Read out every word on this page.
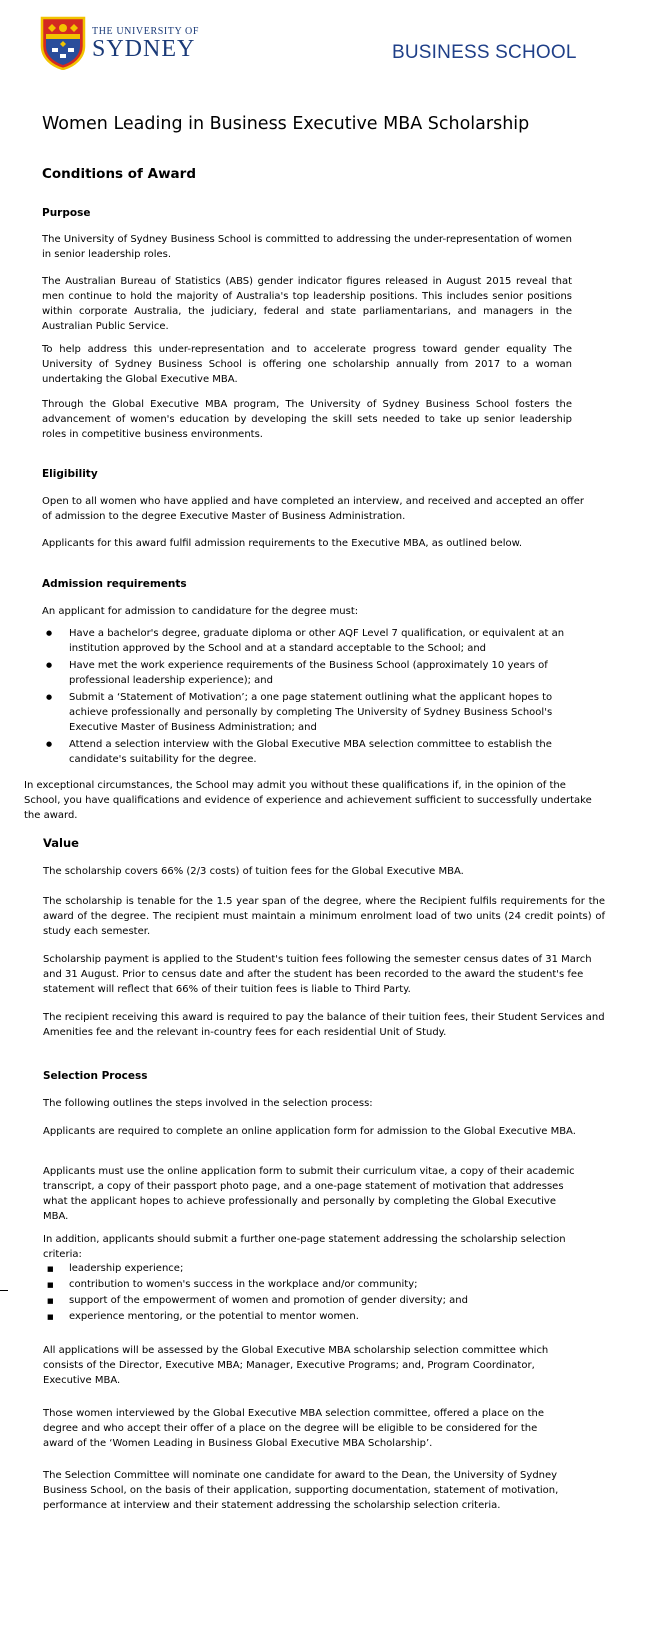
THE UNIVERSITY OF
SYDNEY	BUSINESS SCHOOL
Women Leading in Business Executive MBA Scholarship
Conditions of Award
Purpose

The University of Sydney Business School is committed to addressing the under-representation of women in senior leadership roles.

The Australian Bureau of Statistics (ABS) gender indicator figures released in August 2015 reveal that men continue to hold the majority of Australia's top leadership positions. This includes senior positions within corporate Australia, the judiciary, federal and state parliamentarians, and managers in the Australian Public Service.

To help address this under-representation and to accelerate progress toward gender equality The University of Sydney Business School is offering one scholarship annually from 2017 to a woman undertaking the Global Executive MBA.

Through the Global Executive MBA program, The University of Sydney Business School fosters the advancement of women's education by developing the skill sets needed to take up senior leadership roles in competitive business environments.

Eligibility

Open to all women who have applied and have completed an interview, and received and accepted an offer of admission to the degree Executive Master of Business Administration.

Applicants for this award fulfil admission requirements to the Executive MBA, as outlined below.

Admission requirements

An applicant for admission to candidature for the degree must:

● Have a bachelor's degree, graduate diploma or other AQF Level 7 qualification, or equivalent at an institution approved by the School and at a standard acceptable to the School; and
● Have met the work experience requirements of the Business School (approximately 10 years of professional leadership experience); and
● Submit a ‘Statement of Motivation’; a one page statement outlining what the applicant hopes to achieve professionally and personally by completing The University of Sydney Business School's Executive Master of Business Administration; and
● Attend a selection interview with the Global Executive MBA selection committee to establish the candidate's suitability for the degree.

In exceptional circumstances, the School may admit you without these qualifications if, in the opinion of the School, you have qualifications and evidence of experience and achievement sufficient to successfully undertake the award.

Value

The scholarship covers 66% (2/3 costs) of tuition fees for the Global Executive MBA.

The scholarship is tenable for the 1.5 year span of the degree, where the Recipient fulfils requirements for the award of the degree. The recipient must maintain a minimum enrolment load of two units (24 credit points) of study each semester.

Scholarship payment is applied to the Student's tuition fees following the semester census dates of 31 March and 31 August. Prior to census date and after the student has been recorded to the award the student's fee statement will reflect that 66% of their tuition fees is liable to Third Party.

The recipient receiving this award is required to pay the balance of their tuition fees, their Student Services and Amenities fee and the relevant in-country fees for each residential Unit of Study.

Selection Process

The following outlines the steps involved in the selection process:

Applicants are required to complete an online application form for admission to the Global Executive MBA.

Applicants must use the online application form to submit their curriculum vitae, a copy of their academic transcript, a copy of their passport photo page, and a one-page statement of motivation that addresses what the applicant hopes to achieve professionally and personally by completing the Global Executive MBA.

In addition, applicants should submit a further one-page statement addressing the scholarship selection criteria:

■ leadership experience;
■ contribution to women's success in the workplace and/or community;
■ support of the empowerment of women and promotion of gender diversity; and
■ experience mentoring, or the potential to mentor women.

All applications will be assessed by the Global Executive MBA scholarship selection committee which consists of the Director, Executive MBA; Manager, Executive Programs; and, Program Coordinator, Executive MBA.

Those women interviewed by the Global Executive MBA selection committee, offered a place on the degree and who accept their offer of a place on the degree will be eligible to be considered for the award of the ‘Women Leading in Business Global Executive MBA Scholarship’.

The Selection Committee will nominate one candidate for award to the Dean, the University of Sydney Business School, on the basis of their application, supporting documentation, statement of motivation, performance at interview and their statement addressing the scholarship selection criteria.
